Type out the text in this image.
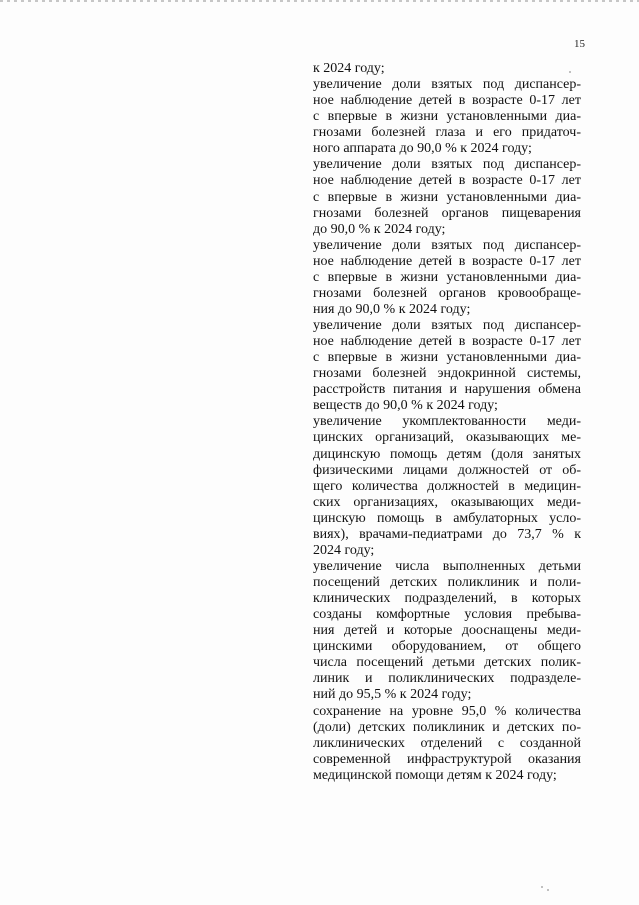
15
к 2024 году;
увеличение доли взятых под диспансер-
ное наблюдение детей в возрасте 0-17 лет
с впервые в жизни установленными диа-
гнозами болезней глаза и его придаточ-
ного аппарата до 90,0 % к 2024 году;
увеличение доли взятых под диспансер-
ное наблюдение детей в возрасте 0-17 лет
с впервые в жизни установленными диа-
гнозами болезней органов пищеварения
до 90,0 % к 2024 году;
увеличение доли взятых под диспансер-
ное наблюдение детей в возрасте 0-17 лет
с впервые в жизни установленными диа-
гнозами болезней органов кровообраще-
ния до 90,0 % к 2024 году;
увеличение доли взятых под диспансер-
ное наблюдение детей в возрасте 0-17 лет
с впервые в жизни установленными диа-
гнозами болезней эндокринной системы,
расстройств питания и нарушения обмена
веществ до 90,0 % к 2024 году;
увеличение укомплектованности меди-
цинских организаций, оказывающих ме-
дицинскую помощь детям (доля занятых
физическими лицами должностей от об-
щего количества должностей в медицин-
ских организациях, оказывающих меди-
цинскую помощь в амбулаторных усло-
виях), врачами-педиатрами до 73,7 % к
2024 году;
увеличение числа выполненных детьми
посещений детских поликлиник и поли-
клинических подразделений, в которых
созданы комфортные условия пребыва-
ния детей и которые дооснащены меди-
цинскими оборудованием, от общего
числа посещений детьми детских полик-
линик и поликлинических подразделе-
ний до 95,5 % к 2024 году;
сохранение на уровне 95,0 % количества
(доли) детских поликлиник и детских по-
ликлинических отделений с созданной
современной инфраструктурой оказания
медицинской помощи детям к 2024 году;
